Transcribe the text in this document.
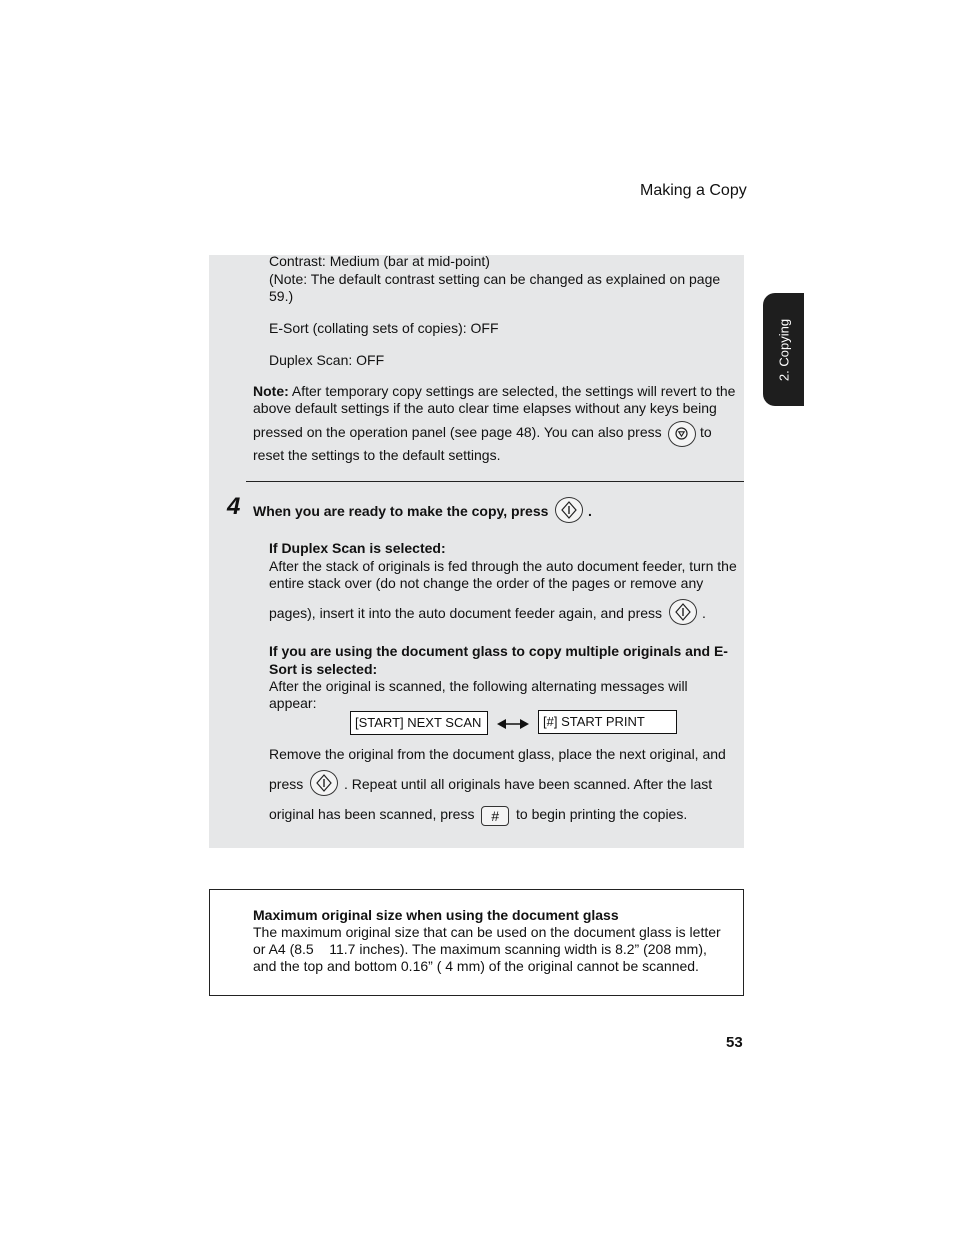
Making a Copy
2. Copying
Contrast: Medium (bar at mid-point)
(Note: The default contrast setting can be changed as explained on page
59.)
E-Sort (collating sets of copies): OFF
Duplex Scan: OFF
Note: After temporary copy settings are selected, the settings will revert to the
above default settings if the auto clear time elapses without any keys being
pressed on the operation panel (see page 48). You can also press	to
reset the settings to the default settings.
4 When you are ready to make the copy, press	.
If Duplex Scan is selected:
After the stack of originals is fed through the auto document feeder, turn the
entire stack over (do not change the order of the pages or remove any
pages), insert it into the auto document feeder again, and press	.
If you are using the document glass to copy multiple originals and E-
Sort is selected:
After the original is scanned, the following alternating messages will
appear:
[START] NEXT SCAN	[#] START PRINT
Remove the original from the document glass, place the next original, and
press	. Repeat until all originals have been scanned. After the last
original has been scanned, press	#	to begin printing the copies.
Maximum original size when using the document glass
The maximum original size that can be used on the document glass is letter
or A4 (8.5    11.7 inches). The maximum scanning width is 8.2” (208 mm),
and the top and bottom 0.16” ( 4 mm) of the original cannot be scanned.
53
